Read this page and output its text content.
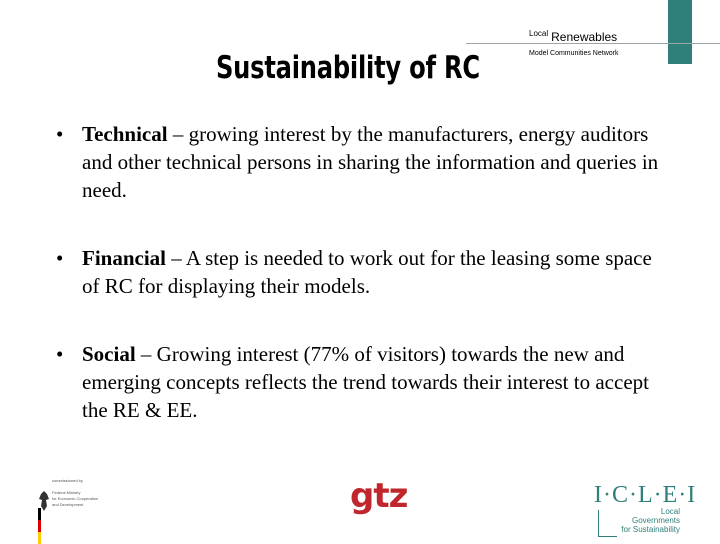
$^{Local}$ Renewables
Model Communities Network
Sustainability of RC
• Technical – growing interest by the manufacturers, energy auditors and other technical persons in sharing the information and queries in need.
• Financial – A step is needed to work out for the leasing some space of RC for displaying their models.
• Social – Growing interest (77% of visitors) towards the new and emerging concepts reflects the trend towards their interest to accept the RE & EE.
commissioned by
Federal Ministry
for Economic Cooperation
and Development	gtz	I·C·L·E·I
Local
Governments
for Sustainability
